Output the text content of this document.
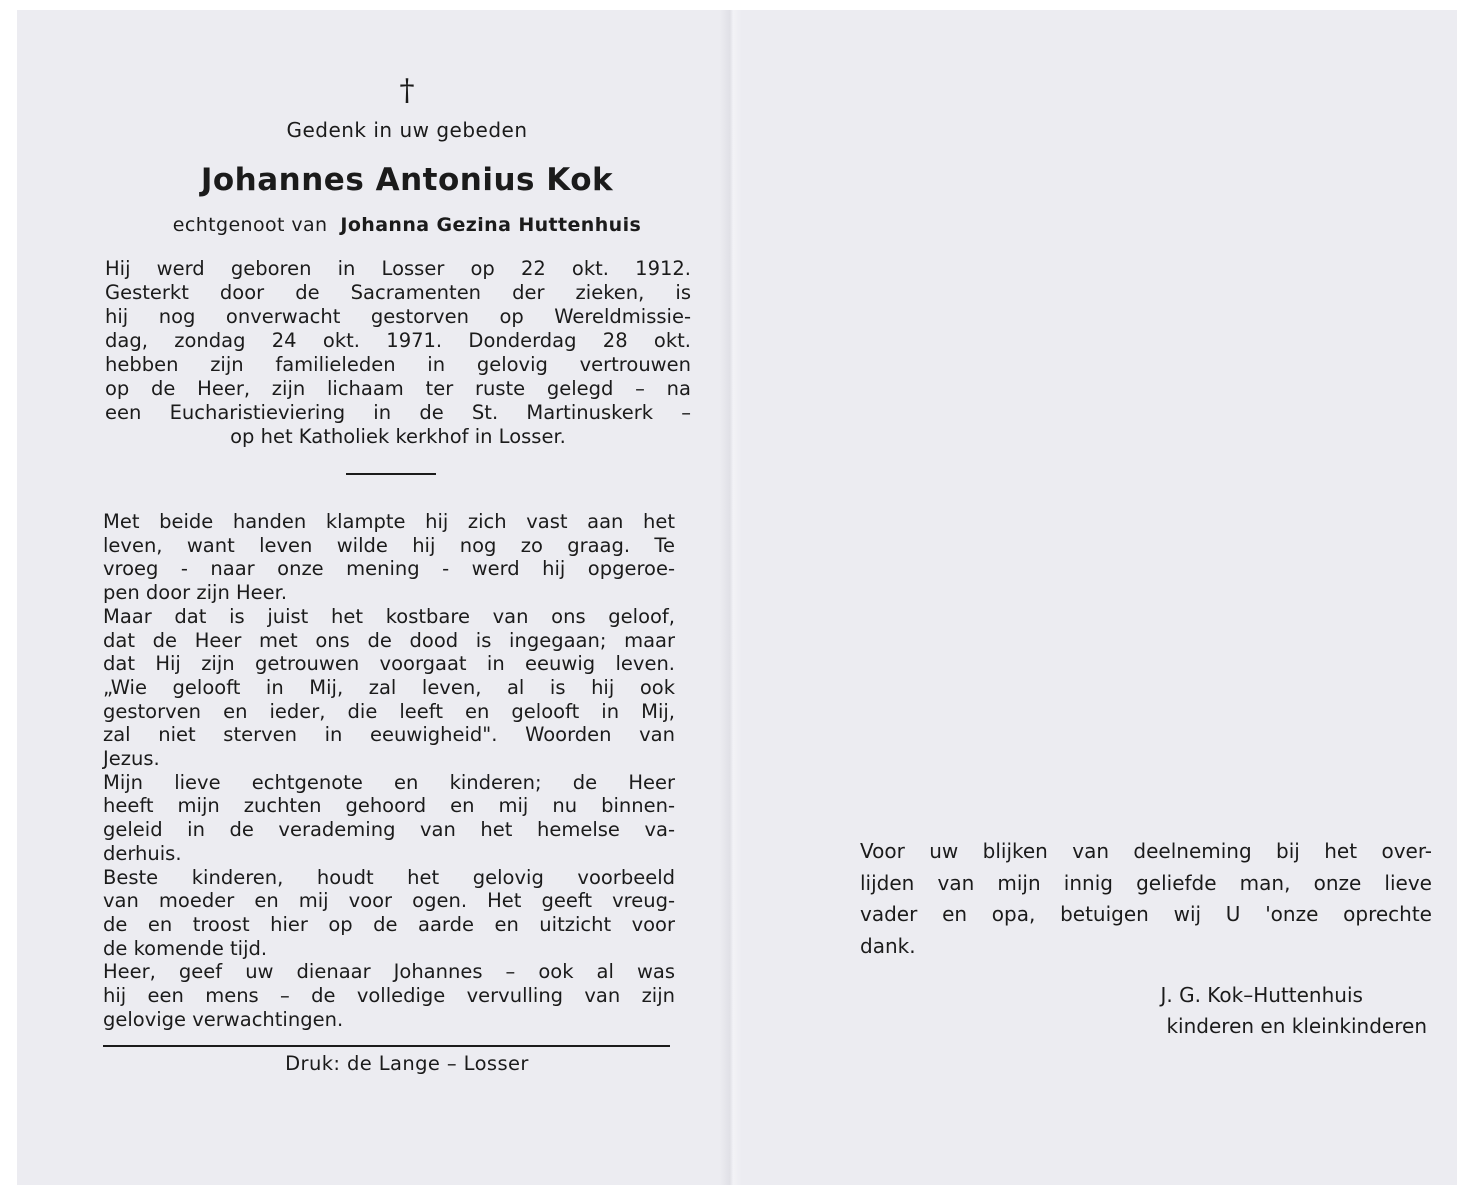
†
Gedenk in uw gebeden
Johannes Antonius Kok
echtgenoot van Johanna Gezina Huttenhuis
Hij werd geboren in Losser op 22 okt. 1912.
Gesterkt door de Sacramenten der zieken, is
hij nog onverwacht gestorven op Wereldmissie-
dag, zondag 24 okt. 1971. Donderdag 28 okt.
hebben zijn familieleden in gelovig vertrouwen
op de Heer, zijn lichaam ter ruste gelegd – na
een Eucharistieviering in de St. Martinuskerk –
op het Katholiek kerkhof in Losser.
Met beide handen klampte hij zich vast aan het
leven, want leven wilde hij nog zo graag. Te
vroeg - naar onze mening - werd hij opgeroe-
pen door zijn Heer.
Maar dat is juist het kostbare van ons geloof,
dat de Heer met ons de dood is ingegaan; maar
dat Hij zijn getrouwen voorgaat in eeuwig leven.
„Wie gelooft in Mij, zal leven, al is hij ook
gestorven en ieder, die leeft en gelooft in Mij,
zal niet sterven in eeuwigheid". Woorden van
Jezus.
Mijn lieve echtgenote en kinderen; de Heer
heeft mijn zuchten gehoord en mij nu binnen-
geleid in de verademing van het hemelse va-
derhuis.
Beste kinderen, houdt het gelovig voorbeeld
van moeder en mij voor ogen. Het geeft vreug-
de en troost hier op de aarde en uitzicht voor
de komende tijd.
Heer, geef uw dienaar Johannes – ook al was
hij een mens – de volledige vervulling van zijn
gelovige verwachtingen.
Druk: de Lange – Losser
Voor uw blijken van deelneming bij het over-
lijden van mijn innig geliefde man, onze lieve
vader en opa, betuigen wij U 'onze oprechte
dank.
J. G. Kok–Huttenhuis
kinderen en kleinkinderen
